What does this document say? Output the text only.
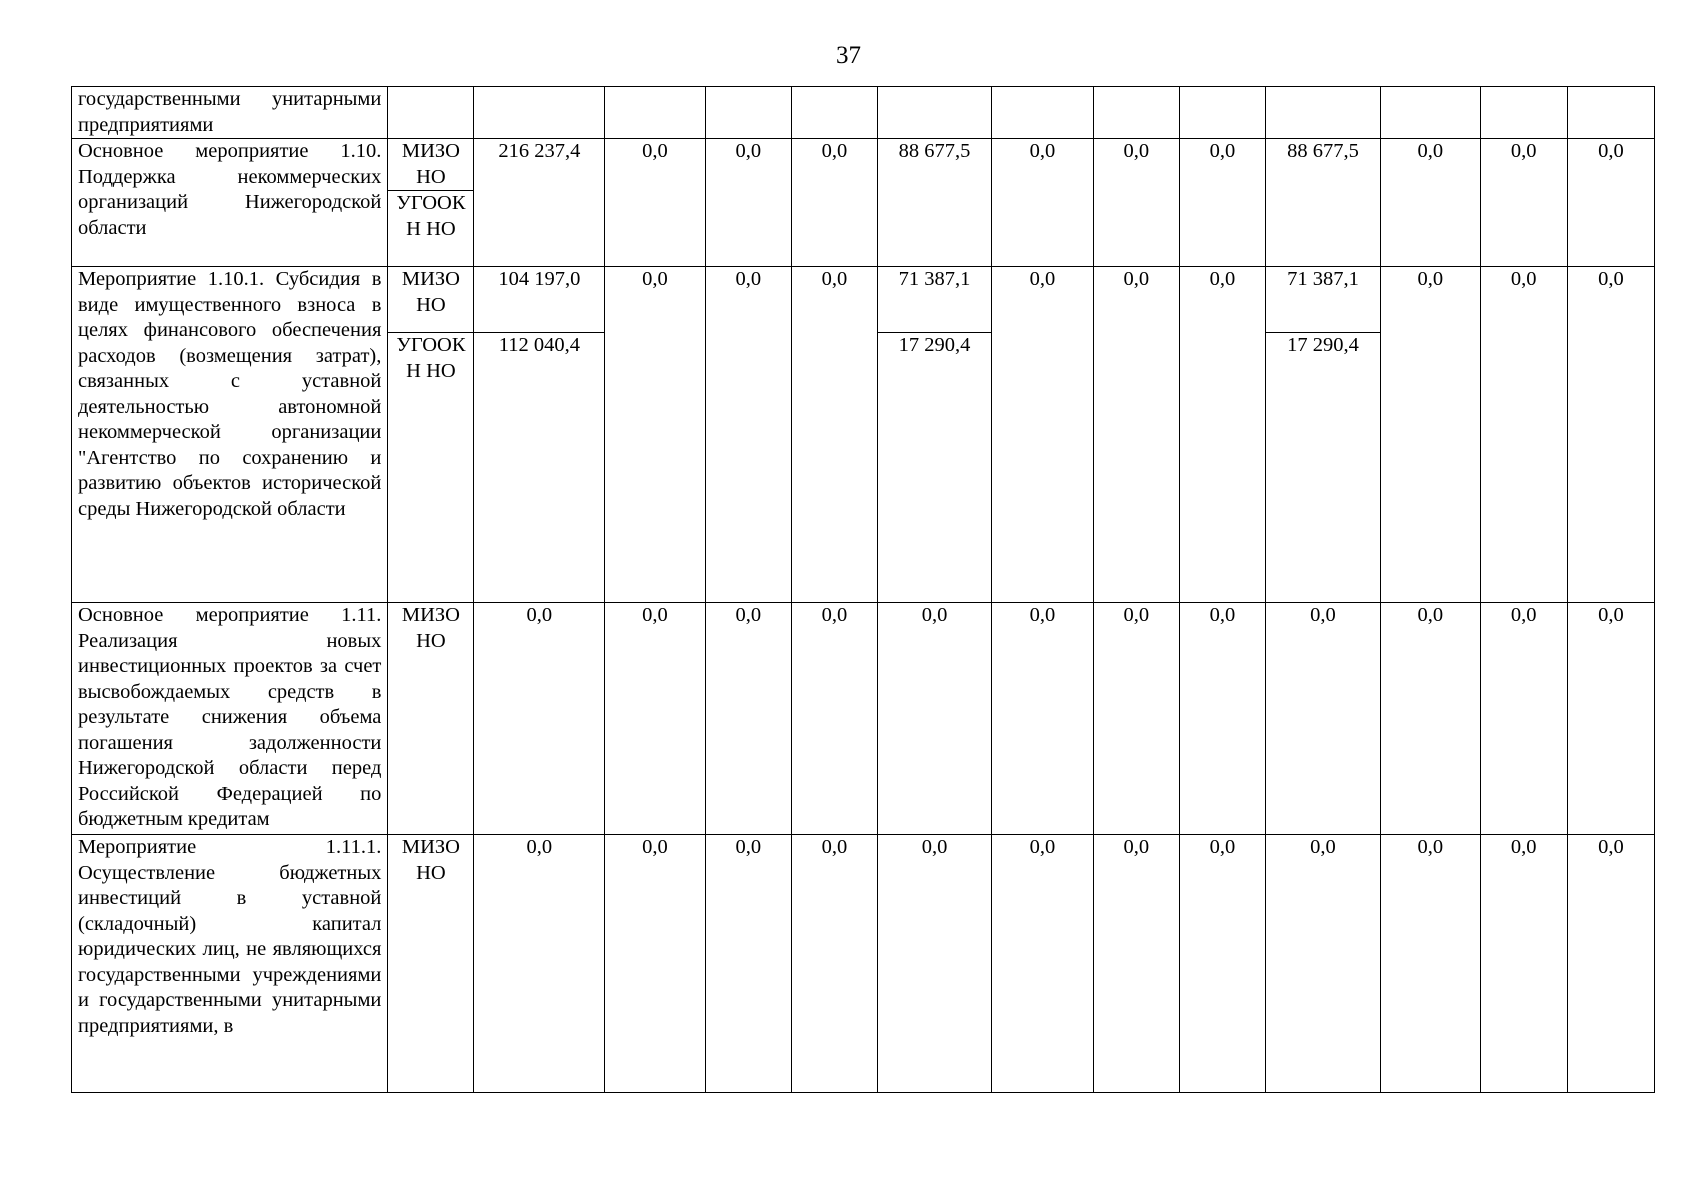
37
государственными унитарными предприятиями													
Основное мероприятие 1.10. Поддержка некоммерческих организаций Нижегородской области	МИЗО НО	216 237,4	0,0	0,0	0,0	88 677,5	0,0	0,0	0,0	88 677,5	0,0	0,0	0,0
	УГООКН НО												
Мероприятие 1.10.1. Субсидия в виде имущественного взноса в целях финансового обеспечения расходов (возмещения затрат), связанных с уставной деятельностью автономной некоммерческой организации "Агентство по сохранению и развитию объектов исторической среды Нижегородской области	МИЗО НО	104 197,0	0,0	0,0	0,0	71 387,1	0,0	0,0	0,0	71 387,1	0,0	0,0	0,0
	УГООКН НО	112 040,4				17 290,4				17 290,4			
Основное мероприятие 1.11. Реализация новых инвестиционных проектов за счет высвобождаемых средств в результате снижения объема погашения задолженности Нижегородской области перед Российской Федерацией по бюджетным кредитам	МИЗО НО	0,0	0,0	0,0	0,0	0,0	0,0	0,0	0,0	0,0	0,0	0,0	0,0
Мероприятие 1.11.1. Осуществление бюджетных инвестиций в уставной (складочный) капитал юридических лиц, не являющихся государственными учреждениями и государственными унитарными предприятиями, в	МИЗО НО	0,0	0,0	0,0	0,0	0,0	0,0	0,0	0,0	0,0	0,0	0,0	0,0
